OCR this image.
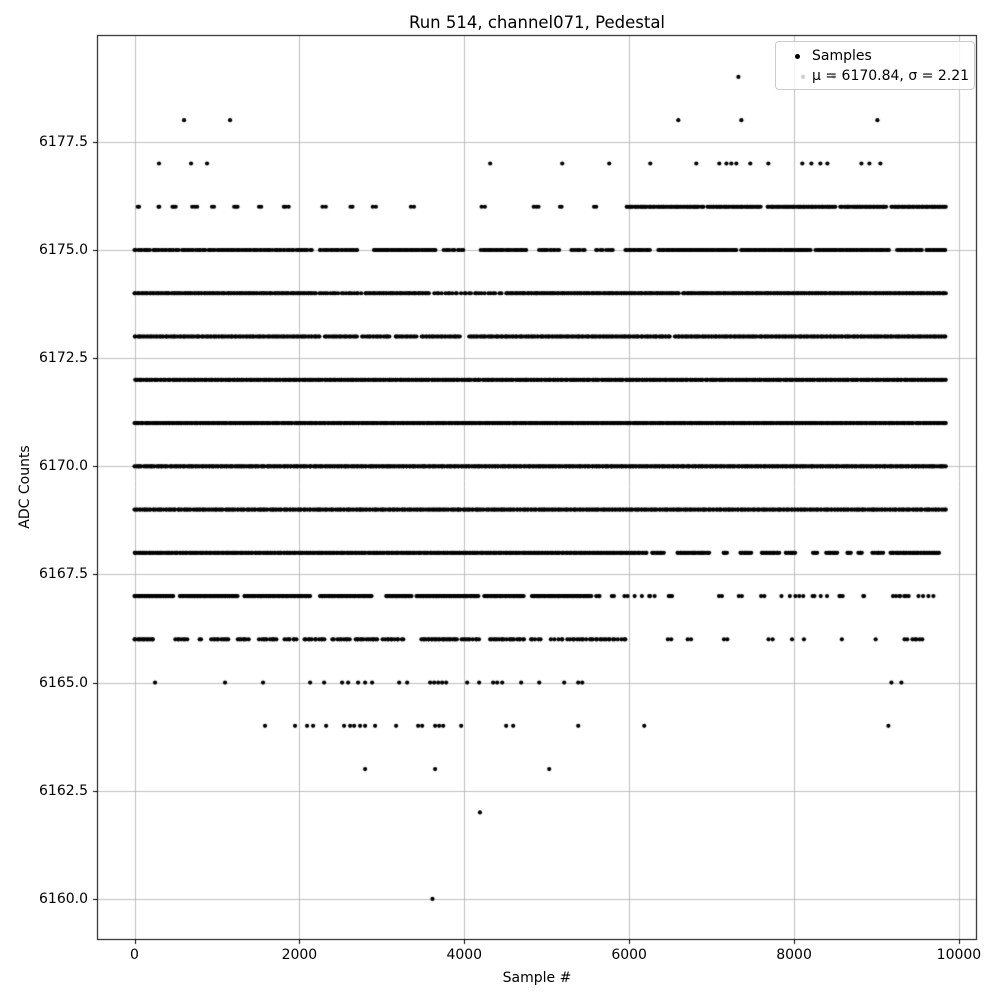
Run 514, channel071, Pedestal
Sample #
ADC Counts
0	2000	4000	6000	8000	10000
6160.0
6162.5
6165.0
6167.5
6170.0
6172.5
6175.0
6177.5
Samples
μ = 6170.84, σ = 2.21
